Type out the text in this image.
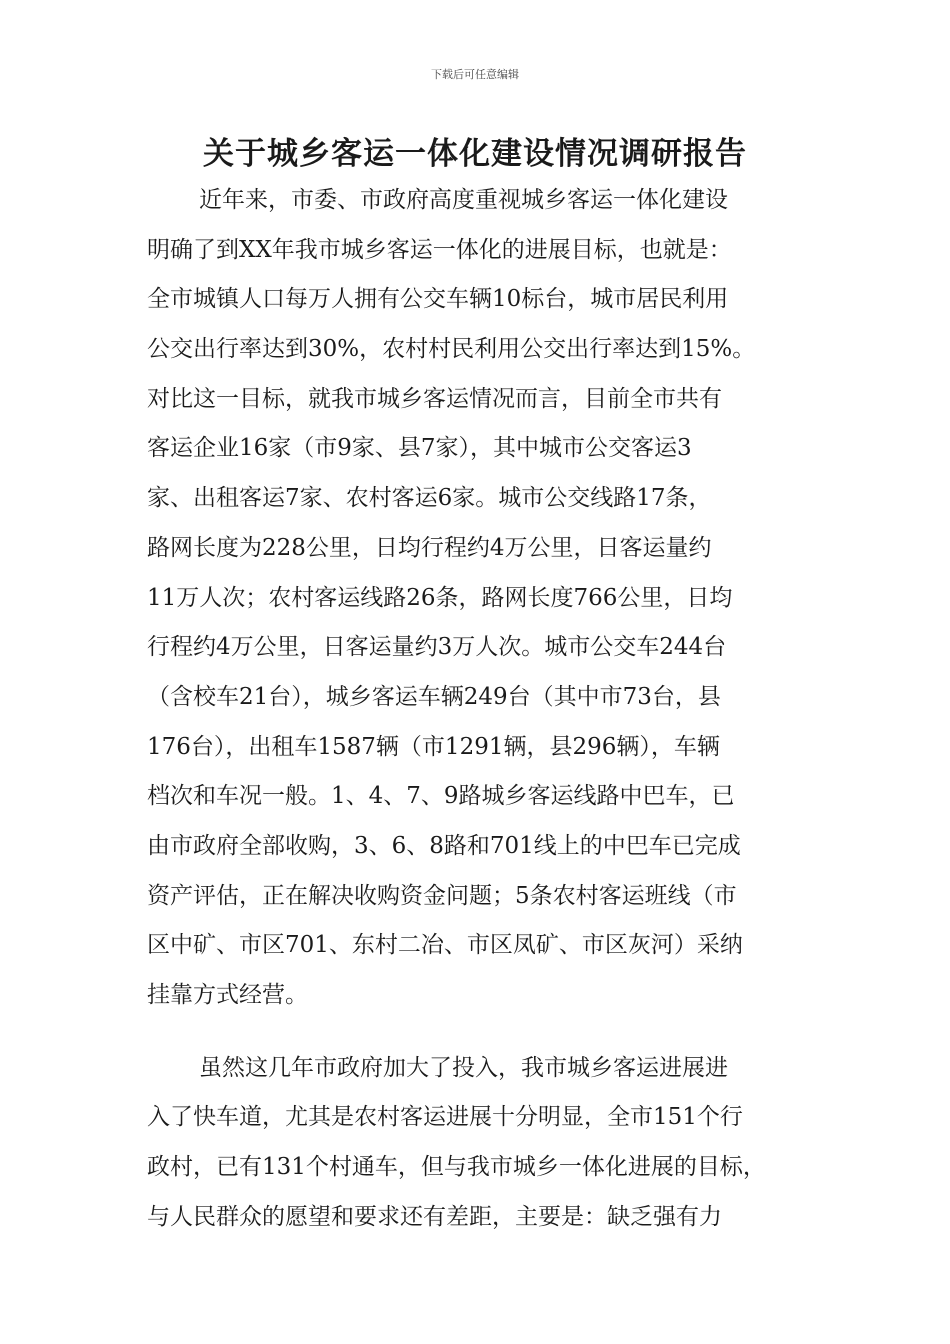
下载后可任意编辑
关于城乡客运一体化建设情况调研报告
近年来，市委、市政府高度重视城乡客运一体化建设
明确了到XX年我市城乡客运一体化的进展目标，也就是：
全市城镇人口每万人拥有公交车辆10标台，城市居民利用
公交出行率达到30%，农村村民利用公交出行率达到15%。
对比这一目标，就我市城乡客运情况而言，目前全市共有
客运企业16家（市9家、县7家），其中城市公交客运3
家、出租客运7家、农村客运6家。城市公交线路17条，
路网长度为228公里，日均行程约4万公里，日客运量约
11万人次；农村客运线路26条，路网长度766公里，日均
行程约4万公里，日客运量约3万人次。城市公交车244台
（含校车21台），城乡客运车辆249台（其中市73台，县
176台），出租车1587辆（市1291辆，县296辆），车辆
档次和车况一般。1、4、7、9路城乡客运线路中巴车，已
由市政府全部收购，3、6、8路和701线上的中巴车已完成
资产评估，正在解决收购资金问题；5条农村客运班线（市
区中矿、市区701、东村二冶、市区凤矿、市区灰河）采纳
挂靠方式经营。
虽然这几年市政府加大了投入，我市城乡客运进展进
入了快车道，尤其是农村客运进展十分明显，全市151个行
政村，已有131个村通车，但与我市城乡一体化进展的目标，
与人民群众的愿望和要求还有差距，主要是：缺乏强有力
